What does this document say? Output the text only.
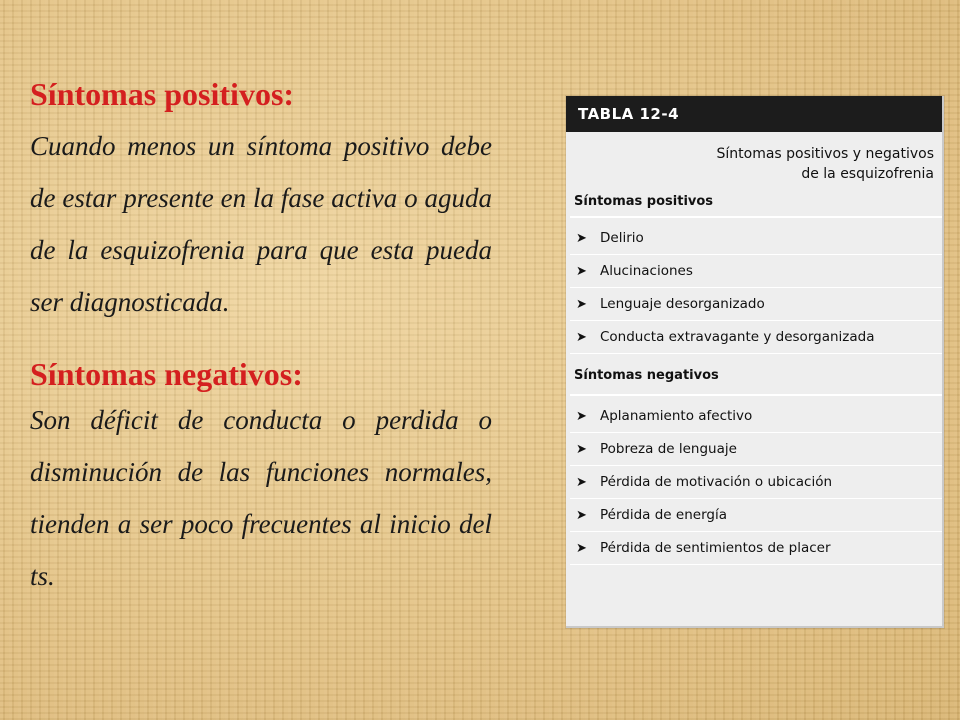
Síntomas positivos:

Cuando menos un síntoma positivo debe de estar presente en la fase activa o aguda de la esquizofrenia para que esta pueda ser diagnosticada.

Síntomas negativos:

Son déficit de conducta o perdida o disminución de las funciones normales, tienden a ser poco frecuentes al inicio del ts.

TABLA 12-4
Síntomas positivos y negativos
de la esquizofrenia
Síntomas positivos
➤ Delirio
➤ Alucinaciones
➤ Lenguaje desorganizado
➤ Conducta extravagante y desorganizada
Síntomas negativos
➤ Aplanamiento afectivo
➤ Pobreza de lenguaje
➤ Pérdida de motivación o ubicación
➤ Pérdida de energía
➤ Pérdida de sentimientos de placer
